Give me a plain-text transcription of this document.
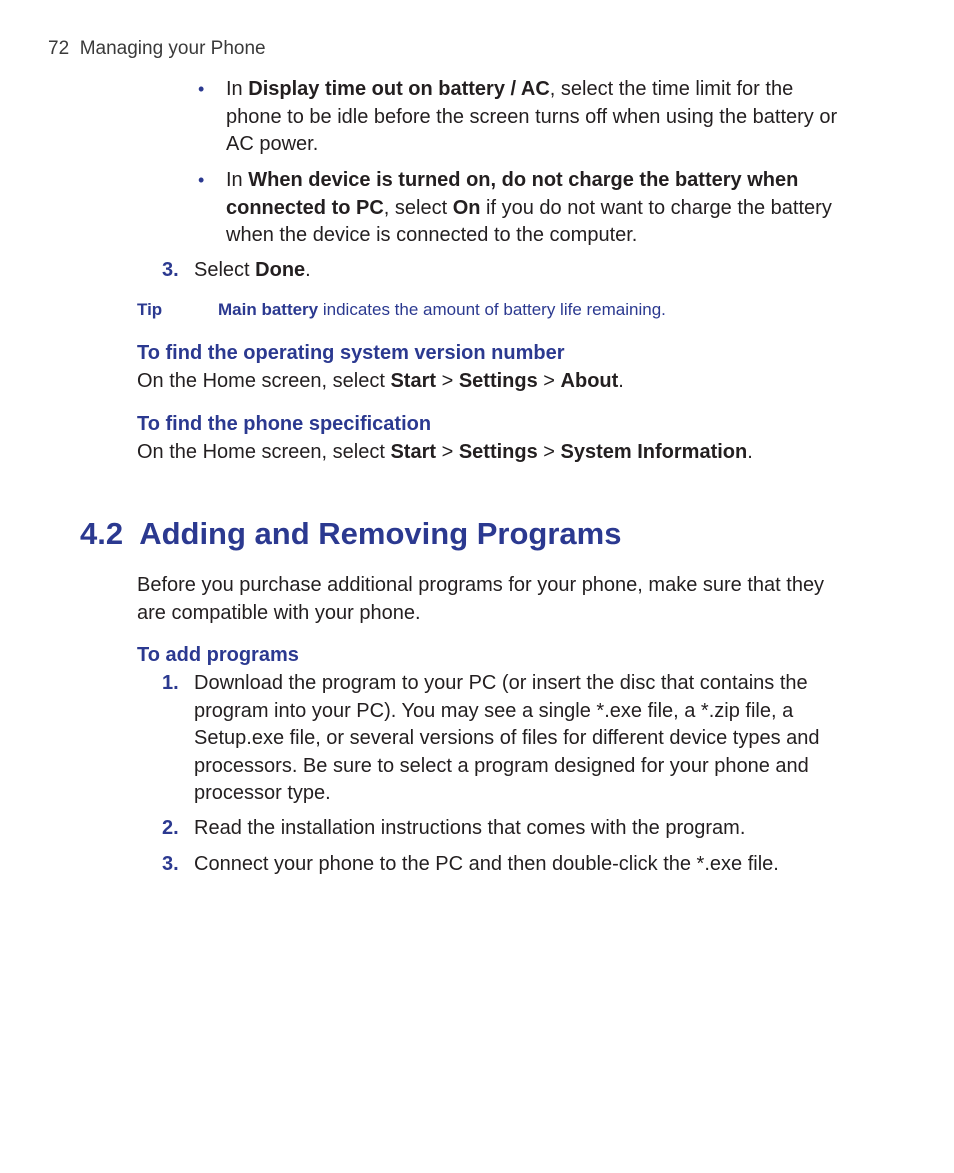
72 Managing your Phone
• In Display time out on battery / AC, select the time limit for the phone to be idle before the screen turns off when using the battery or AC power.
• In When device is turned on, do not charge the battery when connected to PC, select On if you do not want to charge the battery when the device is connected to the computer.
3. Select Done.
Tip	Main battery indicates the amount of battery life remaining.
To find the operating system version number
On the Home screen, select Start > Settings > About.
To find the phone specification
On the Home screen, select Start > Settings > System Information.
4.2 Adding and Removing Programs
Before you purchase additional programs for your phone, make sure that they are compatible with your phone.
To add programs
1. Download the program to your PC (or insert the disc that contains the program into your PC). You may see a single *.exe file, a *.zip file, a Setup.exe file, or several versions of files for different device types and processors. Be sure to select a program designed for your phone and processor type.
2. Read the installation instructions that comes with the program.
3. Connect your phone to the PC and then double-click the *.exe file.
